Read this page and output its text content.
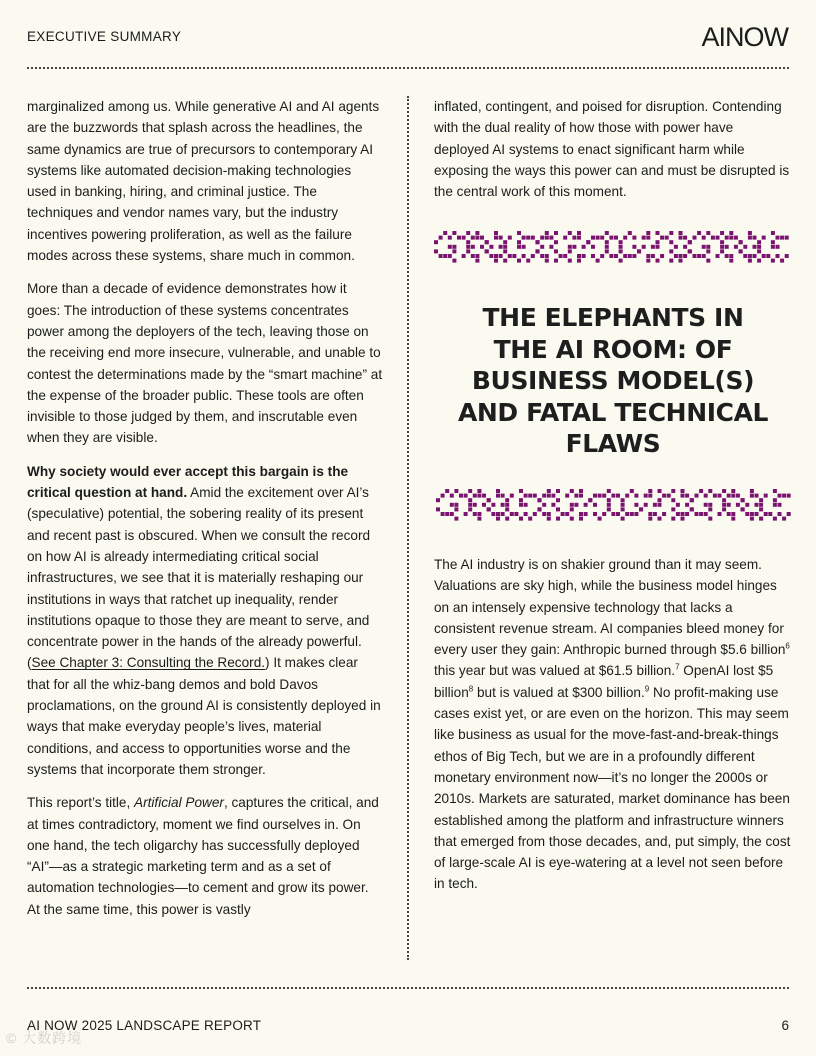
EXECUTIVE SUMMARY	AINOW

marginalized among us. While generative AI and AI agents are the buzzwords that splash across the headlines, the same dynamics are true of precursors to contemporary AI systems like automated decision-making technologies used in banking, hiring, and criminal justice. The techniques and vendor names vary, but the industry incentives powering proliferation, as well as the failure modes across these systems, share much in common.

More than a decade of evidence demonstrates how it goes: The introduction of these systems concentrates power among the deployers of the tech, leaving those on the receiving end more insecure, vulnerable, and unable to contest the determinations made by the “smart machine” at the expense of the broader public. These tools are often invisible to those judged by them, and inscrutable even when they are visible.

Why society would ever accept this bargain is the critical question at hand. Amid the excitement over AI’s (speculative) potential, the sobering reality of its present and recent past is obscured. When we consult the record on how AI is already intermediating critical social infrastructures, we see that it is materially reshaping our institutions in ways that ratchet up inequality, render institutions opaque to those they are meant to serve, and concentrate power in the hands of the already powerful. (See Chapter 3: Consulting the Record.) It makes clear that for all the whiz-bang demos and bold Davos proclamations, on the ground AI is consistently deployed in ways that make everyday people’s lives, material conditions, and access to opportunities worse and the systems that incorporate them stronger.

This report’s title, Artificial Power, captures the critical, and at times contradictory, moment we find ourselves in. On one hand, the tech oligarchy has successfully deployed “AI”—as a strategic marketing term and as a set of automation technologies—to cement and grow its power. At the same time, this power is vastly

inflated, contingent, and poised for disruption. Contending with the dual reality of how those with power have deployed AI systems to enact significant harm while exposing the ways this power can and must be disrupted is the central work of this moment.

THE ELEPHANTS IN
THE AI ROOM: OF
BUSINESS MODEL(S)
AND FATAL TECHNICAL
FLAWS

The AI industry is on shakier ground than it may seem. Valuations are sky high, while the business model hinges on an intensely expensive technology that lacks a consistent revenue stream. AI companies bleed money for every user they gain: Anthropic burned through $5.6 billion$^6$ this year but was valued at $61.5 billion.$^7$ OpenAI lost $5 billion$^8$ but is valued at $300 billion.$^9$ No profit-making use cases exist yet, or are even on the horizon. This may seem like business as usual for the move-fast-and-break-things ethos of Big Tech, but we are in a profoundly different monetary environment now—it’s no longer the 2000s or 2010s. Markets are saturated, market dominance has been established among the platform and infrastructure winners that emerged from those decades, and, put simply, the cost of large-scale AI is eye-watering at a level not seen before in tech.

AI NOW 2025 LANDSCAPE REPORT	6
© 大数跨境
